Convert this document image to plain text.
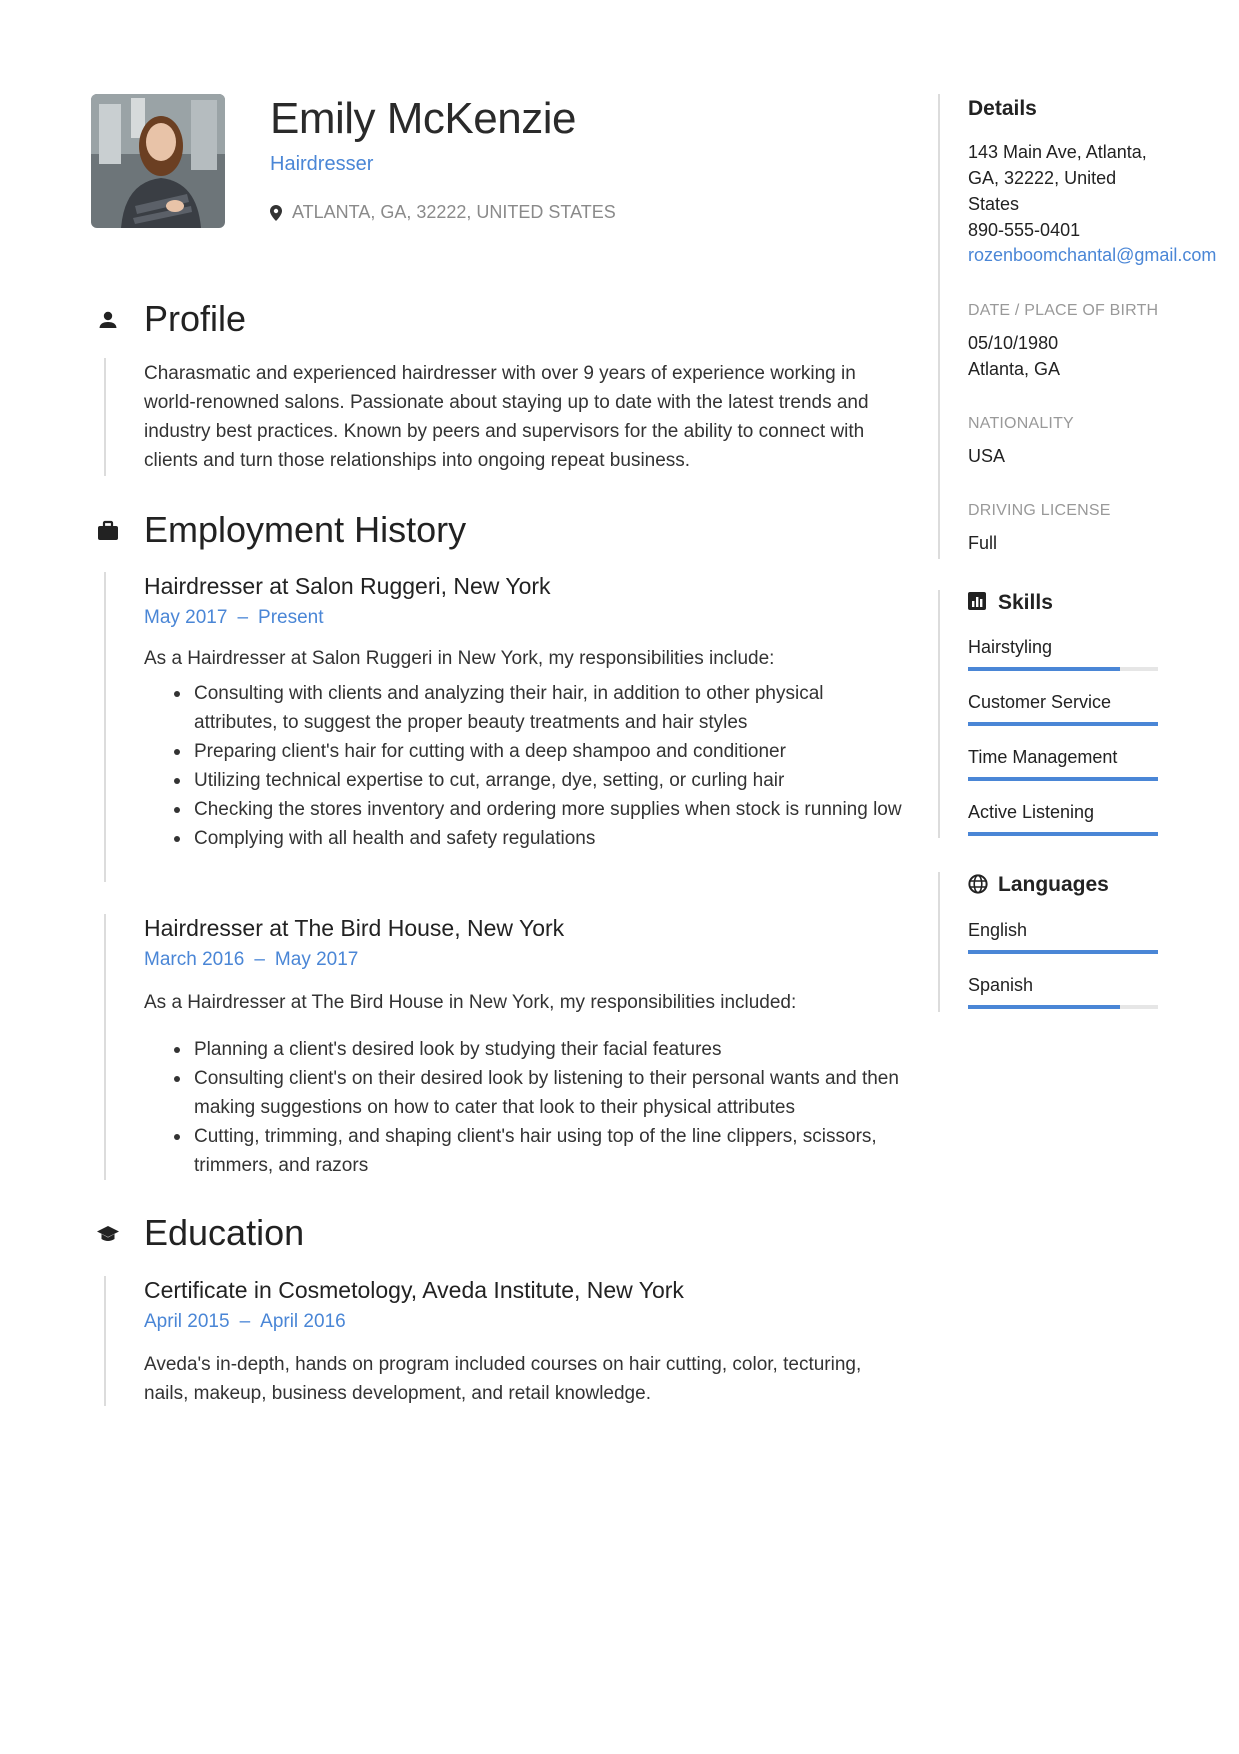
Emily McKenzie
Hairdresser
ATLANTA, GA, 32222, UNITED STATES
Profile
Charasmatic and experienced hairdresser with over 9 years of experience working in world-renowned salons. Passionate about staying up to date with the latest trends and industry best practices. Known by peers and supervisors for the ability to connect with clients and turn those relationships into ongoing repeat business.
Employment History
Hairdresser at Salon Ruggeri, New York
May 2017 – Present
As a Hairdresser at Salon Ruggeri in New York, my responsibilities include:
Consulting with clients and analyzing their hair, in addition to other physical attributes, to suggest the proper beauty treatments and hair styles
Preparing client's hair for cutting with a deep shampoo and conditioner
Utilizing technical expertise to cut, arrange, dye, setting, or curling hair
Checking the stores inventory and ordering more supplies when stock is running low
Complying with all health and safety regulations
Hairdresser at The Bird House, New York
March 2016 – May 2017
As a Hairdresser at The Bird House in New York, my responsibilities included:
Planning a client's desired look by studying their facial features
Consulting client's on their desired look by listening to their personal wants and then making suggestions on how to cater that look to their physical attributes
Cutting, trimming, and shaping client's hair using top of the line clippers, scissors, trimmers, and razors
Education
Certificate in Cosmetology, Aveda Institute, New York
April 2015 – April 2016
Aveda's in-depth, hands on program included courses on hair cutting, color, tecturing, nails, makeup, business development, and retail knowledge.
Details
143 Main Ave, Atlanta, GA, 32222, United States
890-555-0401
rozenboomchantal@gmail.com
DATE / PLACE OF BIRTH
05/10/1980
Atlanta, GA
NATIONALITY
USA
DRIVING LICENSE
Full
Skills
Hairstyling
Customer Service
Time Management
Active Listening
Languages
English
Spanish
